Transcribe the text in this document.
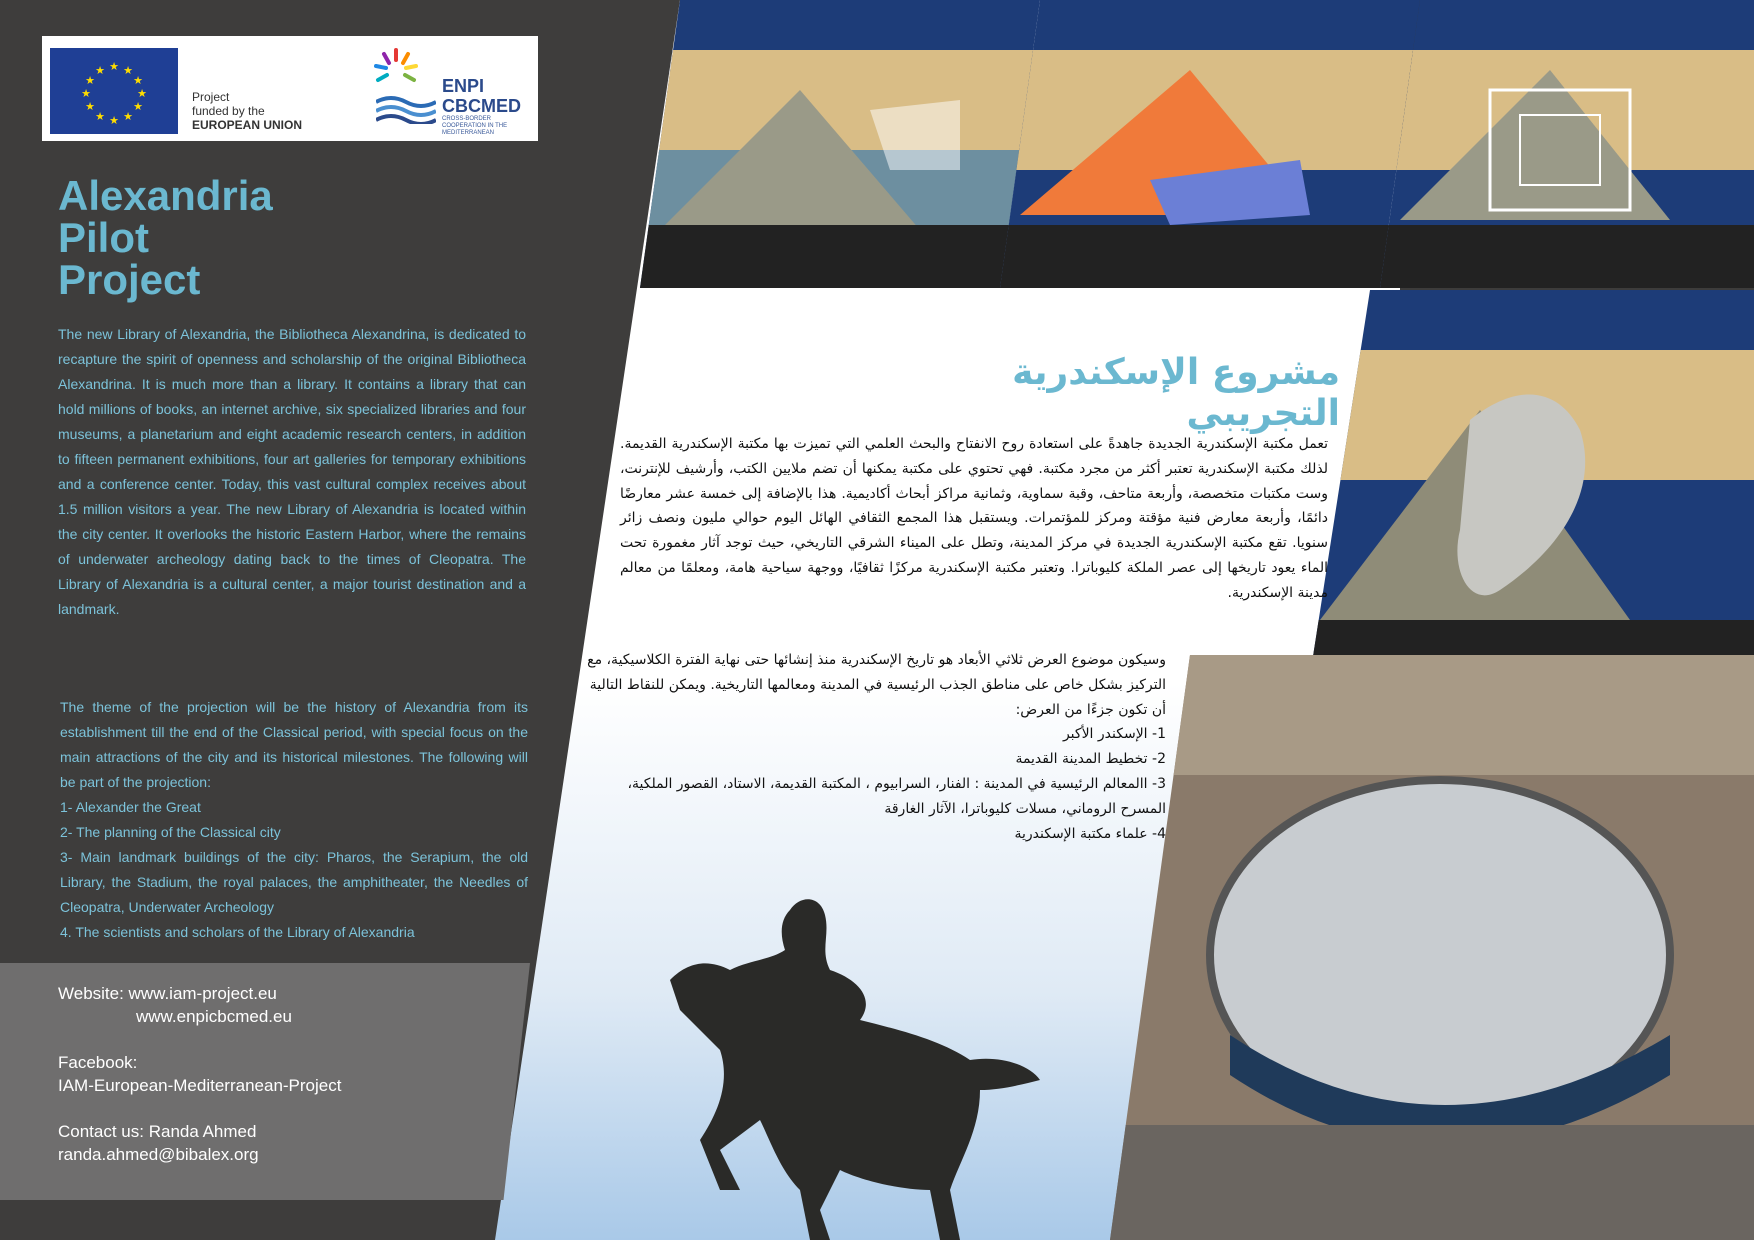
★ ★
★
★
★
★
★
★
★
★
★
★
Project
funded by the
EUROPEAN UNION
ENPI
CBCMED
CROSS-BORDER COOPERATION IN THE MEDITERRANEAN
Alexandria
Pilot
Project
The new Library of Alexandria, the Bibliotheca Alexandrina, is dedicated to recapture the spirit of openness and scholarship of the original Bibliotheca Alexandrina. It is much more than a library. It contains a library that can hold millions of books, an internet archive, six specialized libraries and four museums, a planetarium and eight academic research centers, in addition to fifteen permanent exhibitions, four art galleries for temporary exhibitions and a conference center. Today, this vast cultural complex receives about 1.5 million visitors a year. The new Library of Alexandria is located within the city center. It overlooks the historic Eastern Harbor, where the remains of underwater archeology dating back to the times of Cleopatra. The Library of Alexandria is a cultural center, a major tourist destination and a landmark.

The theme of the projection will be the history of Alexandria from its establishment till the end of the Classical period, with special focus on the main attractions of the city and its historical milestones. The following will be part of the projection:

1- Alexander the Great

2- The planning of the Classical city

3- Main landmark buildings of the city: Pharos, the Serapium, the old Library, the Stadium, the royal palaces, the amphitheater, the Needles of Cleopatra, Underwater Archeology

4. The scientists and scholars of the Library of Alexandria

Website: www.iam-project.eu
www.enpicbcmed.eu
Facebook:
IAM-European-Mediterranean-Project
Contact us: Randa Ahmed
randa.ahmed@bibalex.org
مشروع الإسكندرية التجريبي
تعمل مكتبة الإسكندرية الجديدة جاهدةً على استعادة روح الانفتاح والبحث العلمي التي تميزت بها مكتبة الإسكندرية القديمة. لذلك مكتبة الإسكندرية تعتبر أكثر من مجرد مكتبة. فهي تحتوي على مكتبة يمكنها أن تضم ملايين الكتب، وأرشيف للإنترنت، وست مكتبات متخصصة، وأربعة متاحف، وقبة سماوية، وثمانية مراكز أبحاث أكاديمية. هذا بالإضافة إلى خمسة عشر معارضًا دائمًا، وأربعة معارض فنية مؤقتة ومركز للمؤتمرات. ويستقبل هذا المجمع الثقافي الهائل اليوم حوالي مليون ونصف زائر سنويا. تقع مكتبة الإسكندرية الجديدة في مركز المدينة، وتطل على الميناء الشرقي التاريخي، حيث توجد آثار مغمورة تحت الماء يعود تاريخها إلى عصر الملكة كليوباترا. وتعتبر مكتبة الإسكندرية مركزًا ثقافيًا، ووجهة سياحية هامة، ومعلمًا من معالم مدينة الإسكندرية.

وسيكون موضوع العرض ثلاثي الأبعاد هو تاريخ الإسكندرية منذ إنشائها حتى نهاية الفترة الكلاسيكية، مع التركيز بشكل خاص على مناطق الجذب الرئيسية في المدينة ومعالمها التاريخية. ويمكن للنقاط التالية أن تكون جزءًا من العرض:

1- الإسكندر الأكبر

2- تخطيط المدينة القديمة

3- االمعالم الرئيسية في المدينة : الفنار، السرابيوم ، المكتبة القديمة، الاستاد، القصور الملكية، المسرح الروماني، مسلات كليوباترا، الآثار الغارقة

4- علماء مكتبة الإسكندرية
